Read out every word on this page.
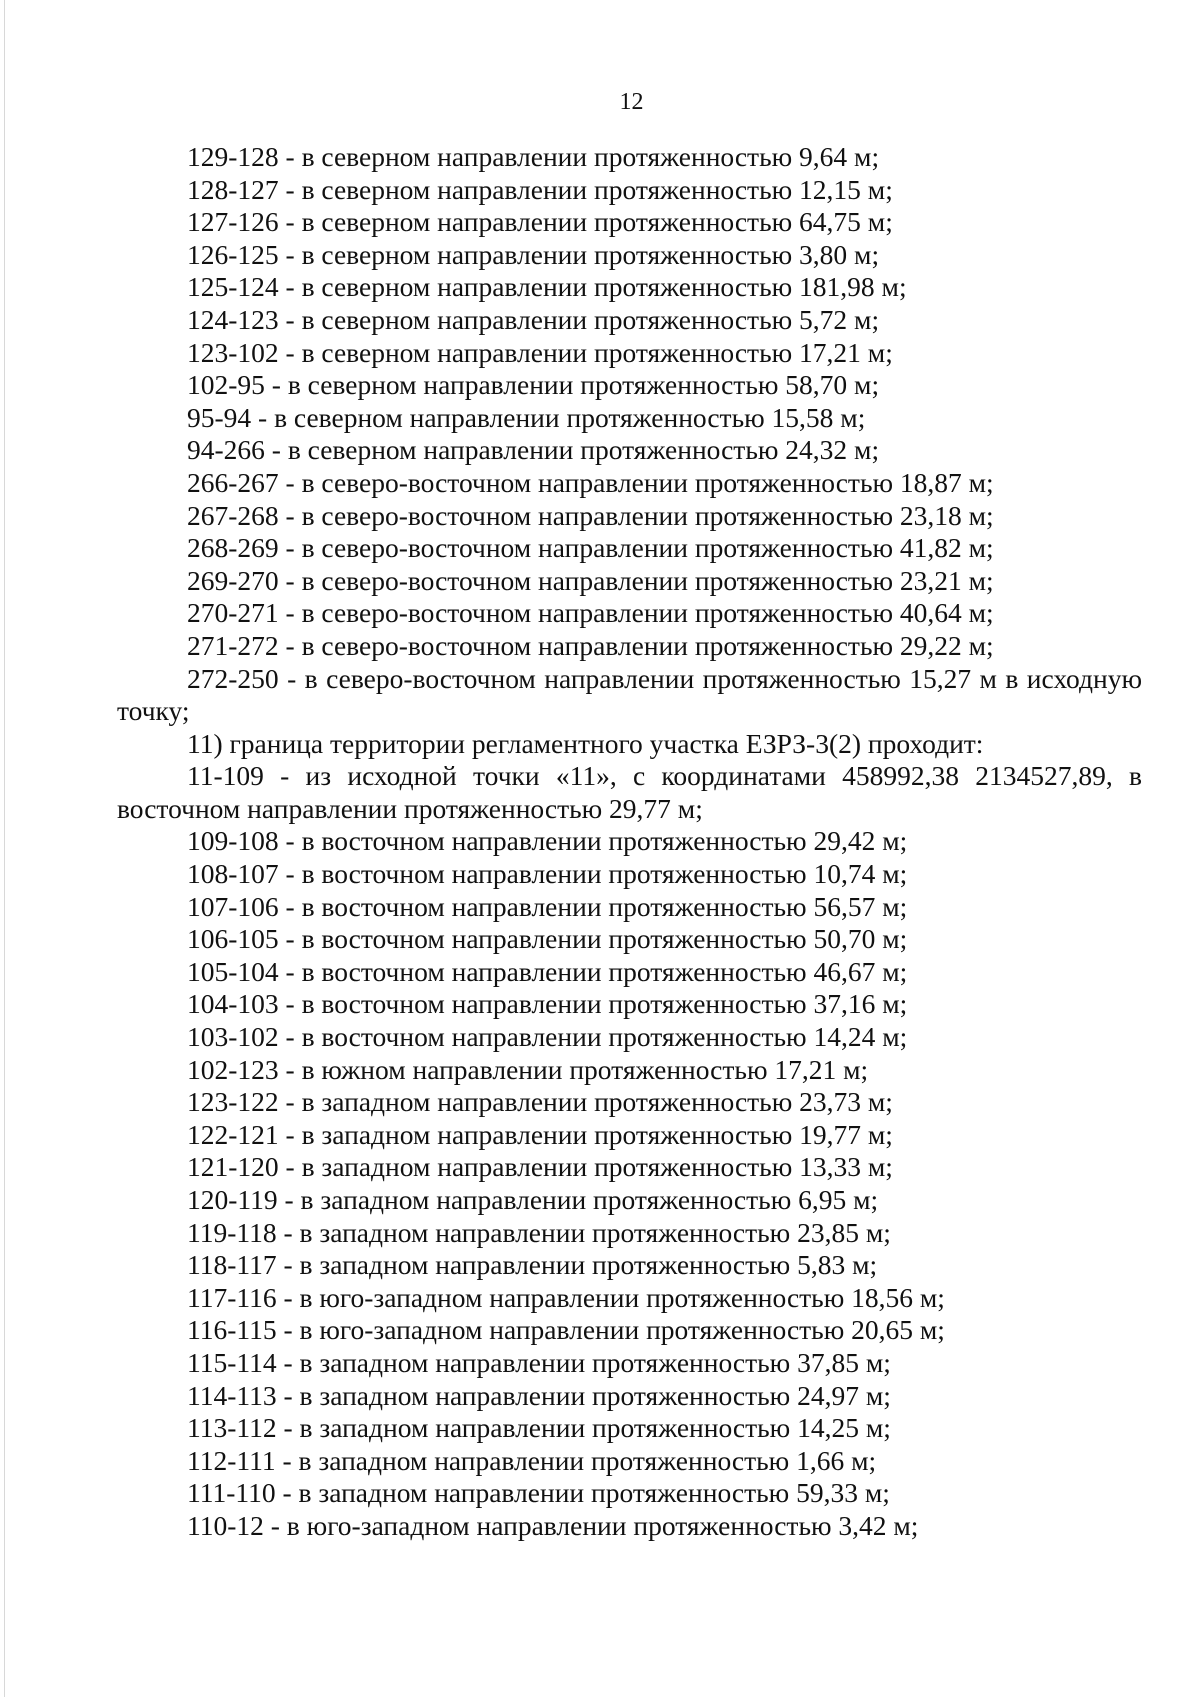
12
129-128 - в северном направлении протяженностью 9,64 м;
128-127 - в северном направлении протяженностью 12,15 м;
127-126 - в северном направлении протяженностью 64,75 м;
126-125 - в северном направлении протяженностью 3,80 м;
125-124 - в северном направлении протяженностью 181,98 м;
124-123 - в северном направлении протяженностью 5,72 м;
123-102 - в северном направлении протяженностью 17,21 м;
102-95 - в северном направлении протяженностью 58,70 м;
95-94 - в северном направлении протяженностью 15,58 м;
94-266 - в северном направлении протяженностью 24,32 м;
266-267 - в северо-восточном направлении протяженностью 18,87 м;
267-268 - в северо-восточном направлении протяженностью 23,18 м;
268-269 - в северо-восточном направлении протяженностью 41,82 м;
269-270 - в северо-восточном направлении протяженностью 23,21 м;
270-271 - в северо-восточном направлении протяженностью 40,64 м;
271-272 - в северо-восточном направлении протяженностью 29,22 м;
272-250 - в северо-восточном направлении протяженностью 15,27 м в исходную точку;
11) граница территории регламентного участка ЕЗРЗ-3(2) проходит:
11-109 - из исходной точки «11», с координатами 458992,38 2134527,89, в восточном направлении протяженностью 29,77 м;
109-108 - в восточном направлении протяженностью 29,42 м;
108-107 - в восточном направлении протяженностью 10,74 м;
107-106 - в восточном направлении протяженностью 56,57 м;
106-105 - в восточном направлении протяженностью 50,70 м;
105-104 - в восточном направлении протяженностью 46,67 м;
104-103 - в восточном направлении протяженностью 37,16 м;
103-102 - в восточном направлении протяженностью 14,24 м;
102-123 - в южном направлении протяженностью 17,21 м;
123-122 - в западном направлении протяженностью 23,73 м;
122-121 - в западном направлении протяженностью 19,77 м;
121-120 - в западном направлении протяженностью 13,33 м;
120-119 - в западном направлении протяженностью 6,95 м;
119-118 - в западном направлении протяженностью 23,85 м;
118-117 - в западном направлении протяженностью 5,83 м;
117-116 - в юго-западном направлении протяженностью 18,56 м;
116-115 - в юго-западном направлении протяженностью 20,65 м;
115-114 - в западном направлении протяженностью 37,85 м;
114-113 - в западном направлении протяженностью 24,97 м;
113-112 - в западном направлении протяженностью 14,25 м;
112-111 - в западном направлении протяженностью 1,66 м;
111-110 - в западном направлении протяженностью 59,33 м;
110-12 - в юго-западном направлении протяженностью 3,42 м;
